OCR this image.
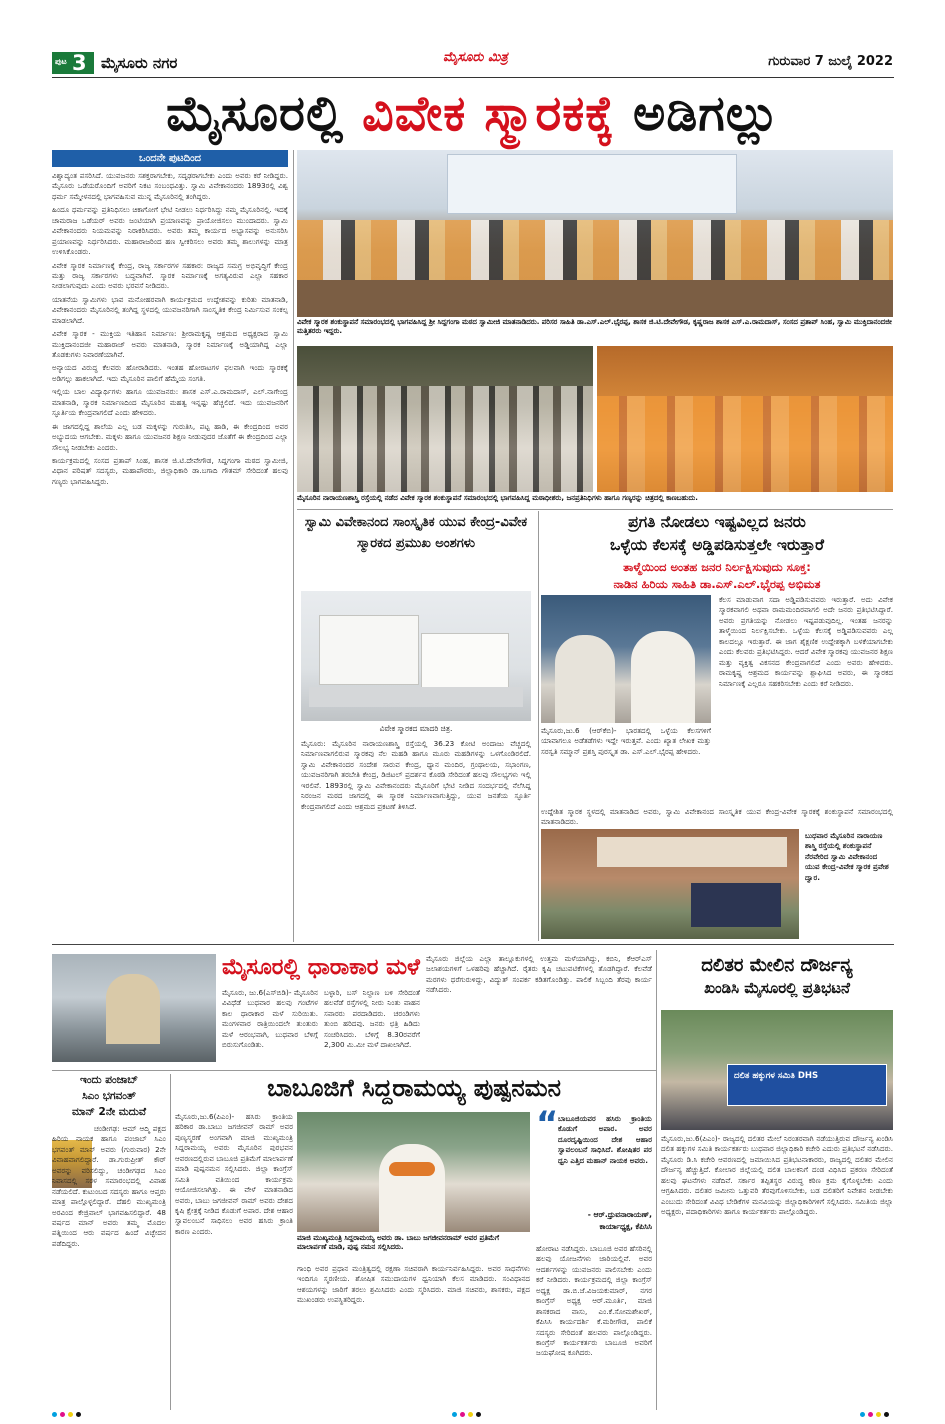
ಪುಟ 3 ಮೈಸೂರು ನಗರ	ಮೈಸೂರು ಮಿತ್ರ	ಗುರುವಾರ 7 ಜುಲೈ 2022
ಮೈಸೂರಲ್ಲಿ ವಿವೇಕ ಸ್ಮಾರಕಕ್ಕೆ ಅಡಿಗಲ್ಲು
ಒಂದನೇ ಪುಟದಿಂದ

ವಿಶ್ವಾದ್ಯಂತ ಪಸರಿಸಿದೆ. ಯುವಜನರು ಸಶಕ್ತರಾಗಬೇಕು, ಸದೃಢರಾಗಬೇಕು ಎಂದು ಅವರು ಕರೆ ನೀಡಿದ್ದರು. ಮೈಸೂರು ಒಡೆಯರೊಂದಿಗೆ ಅವರಿಗೆ ನಿಕಟ ಸಂಬಂಧವಿತ್ತು. ಸ್ವಾಮಿ ವಿವೇಕಾನಂದರು 1893ರಲ್ಲಿ ವಿಶ್ವ ಧರ್ಮ ಸಮ್ಮೇಳನದಲ್ಲಿ ಭಾಗವಹಿಸುವ ಮುನ್ನ ಮೈಸೂರಿನಲ್ಲಿ ತಂಗಿದ್ದರು.

ಹಿಂದೂ ಧರ್ಮವನ್ನು ಪ್ರತಿನಿಧಿಸಲು ಚಿಕಾಗೋಗೆ ಭೇಟಿ ನೀಡಲು ನಿರ್ಧರಿಸಿದ್ದು ನಮ್ಮ ಮೈಸೂರಿನಲ್ಲಿ. ಇದಕ್ಕೆ ಚಾಮರಾಜ ಒಡೆಯರ್ ಅವರು ಜಂಟಿಯಾಗಿ ಪ್ರಯಾಣವನ್ನು ಪ್ರಾಯೋಜಿಸಲು ಮುಂದಾದರು. ಸ್ವಾಮಿ ವಿವೇಕಾನಂದರು ನಿಯಮವನ್ನು ನಿರಾಕರಿಸಿದರು. ಅವರು ತಮ್ಮ ಕಾರ್ಯದ ಅಭ್ಯಾಸವನ್ನು ಅನುಸರಿಸಿ ಪ್ರಯಾಣವನ್ನು ನಿರ್ಧರಿಸಿದರು. ಮಹಾರಾಜರಿಂದ ಹಣ ಸ್ವೀಕರಿಸಲು ಅವರು ತಮ್ಮ ಶಾಲುಗಳನ್ನು ಮಾತ್ರ ಉಳಿಸಿಕೊಂಡರು.

ವಿವೇಕ ಸ್ಮಾರಕ ನಿರ್ಮಾಣಕ್ಕೆ ಕೇಂದ್ರ, ರಾಜ್ಯ ಸರ್ಕಾರಗಳ ಸಹಕಾರ: ರಾಜ್ಯದ ಸಮಗ್ರ ಅಭಿವೃದ್ಧಿಗೆ ಕೇಂದ್ರ ಮತ್ತು ರಾಜ್ಯ ಸರ್ಕಾರಗಳು ಬದ್ಧವಾಗಿವೆ. ಸ್ಮಾರಕ ನಿರ್ಮಾಣಕ್ಕೆ ಅಗತ್ಯವಿರುವ ಎಲ್ಲಾ ಸಹಕಾರ ನೀಡಲಾಗುವುದು ಎಂದು ಅವರು ಭರವಸೆ ನೀಡಿದರು.

ಯಾತನೆಯ ಸ್ವಾಮಿಗಳು ಭಾವ ಮನೋಹರವಾಗಿ ಕಾರ್ಯಕ್ರಮದ ಉದ್ದೇಶವನ್ನು ಕುರಿತು ಮಾತನಾಡಿ, ವಿವೇಕಾನಂದರು ಮೈಸೂರಿನಲ್ಲಿ ತಂಗಿದ್ದ ಸ್ಥಳದಲ್ಲಿ ಯುವಜನರಿಗಾಗಿ ಸಾಂಸ್ಕೃತಿಕ ಕೇಂದ್ರ ನಿರ್ಮಿಸುವ ಸಂಕಲ್ಪ ಮಾಡಲಾಗಿದೆ.

ವಿವೇಕ ಸ್ಮಾರಕ - ಮುಕ್ತಿಯ ಇತಿಹಾಸ ನಿರ್ಮಾಣ: ಶ್ರೀರಾಮಕೃಷ್ಣ ಆಶ್ರಮದ ಅಧ್ಯಕ್ಷರಾದ ಸ್ವಾಮಿ ಮುಕ್ತಿದಾನಂದಜೀ ಮಹಾರಾಜ್ ಅವರು ಮಾತನಾಡಿ, ಸ್ಮಾರಕ ನಿರ್ಮಾಣಕ್ಕೆ ಅಡ್ಡಿಯಾಗಿದ್ದ ಎಲ್ಲಾ ತೊಡಕುಗಳು ನಿವಾರಣೆಯಾಗಿವೆ.

ಅನ್ಯಾಯದ ವಿರುದ್ಧ ಕೆಲವರು ಹೋರಾಡಿದರು. ಇಂತಹ ಹೋರಾಟಗಳ ಫಲವಾಗಿ ಇಂದು ಸ್ಮಾರಕಕ್ಕೆ ಅಡಿಗಲ್ಲು ಹಾಕಲಾಗಿದೆ. ಇದು ಮೈಸೂರಿನ ಪಾಲಿಗೆ ಹೆಮ್ಮೆಯ ಸಂಗತಿ.

ಇಲ್ಲಿಯ ಬಾಲ ವಿದ್ಯಾರ್ಥಿಗಳು ಹಾಗೂ ಯುವಜನರು: ಶಾಸಕ ಎಸ್.ಎ.ರಾಮದಾಸ್, ಎಲ್.ನಾಗೇಂದ್ರ ಮಾತನಾಡಿ, ಸ್ಮಾರಕ ನಿರ್ಮಾಣದಿಂದ ಮೈಸೂರಿನ ಮಹತ್ವ ಇನ್ನಷ್ಟು ಹೆಚ್ಚಲಿದೆ. ಇದು ಯುವಜನರಿಗೆ ಸ್ಫೂರ್ತಿಯ ಕೇಂದ್ರವಾಗಲಿದೆ ಎಂದು ಹೇಳಿದರು.

ಈ ಜಾಗದಲ್ಲಿದ್ದ ಶಾಲೆಯ ಎಲ್ಲ ಬಡ ಮಕ್ಕಳನ್ನು ಗುರುತಿಸಿ, ಪಟ್ಟ ಹಾಡಿ, ಈ ಕೇಂದ್ರದಿಂದ ಅವರ ಅಭ್ಯುದಯ ಆಗಬೇಕು. ಮಕ್ಕಳು ಹಾಗೂ ಯುವಜನರ ಶಿಕ್ಷಣ ನೀಡುವುದರ ಜೊತೆಗೆ ಈ ಕೇಂದ್ರದಿಂದ ಎಲ್ಲಾ ಸೌಲಭ್ಯ ನೀಡಬೇಕು ಎಂದರು.

ಕಾರ್ಯಕ್ರಮದಲ್ಲಿ ಸಂಸದ ಪ್ರತಾಪ್ ಸಿಂಹ, ಶಾಸಕ ಜಿ.ಟಿ.ದೇವೇಗೌಡ, ಸಿದ್ದಗಂಗಾ ಮಠದ ಸ್ವಾಮೀಜಿ, ವಿಧಾನ ಪರಿಷತ್ ಸದಸ್ಯರು, ಮಹಾಪೌರರು, ಜಿಲ್ಲಾಧಿಕಾರಿ ಡಾ.ಬಗಾದಿ ಗೌತಮ್ ಸೇರಿದಂತೆ ಹಲವು ಗಣ್ಯರು ಭಾಗವಹಿಸಿದ್ದರು.

ವಿವೇಕ ಸ್ಮಾರಕ ಶಂಕುಸ್ಥಾಪನೆ ಸಮಾರಂಭದಲ್ಲಿ ಭಾಗವಹಿಸಿದ್ದ ಶ್ರೀ ಸಿದ್ದಗಂಗಾ ಮಠದ ಸ್ವಾಮೀಜಿ ಮಾತನಾಡಿದರು. ಪರಿಸರ ಸಾಹಿತಿ ಡಾ.ಎಸ್.ಎಲ್.ಭೈರಪ್ಪ, ಶಾಸಕ ಜಿ.ಟಿ.ದೇವೇಗೌಡ, ಕೃಷ್ಣರಾಜ ಶಾಸಕ ಎಸ್.ಎ.ರಾಮದಾಸ್, ಸಂಸದ ಪ್ರತಾಪ್ ಸಿಂಹ, ಸ್ವಾಮಿ ಮುಕ್ತಿದಾನಂದಜೀ ಮತ್ತಿತರರು ಇದ್ದರು.
ಮೈಸೂರಿನ ನಾರಾಯಣಶಾಸ್ತ್ರಿ ರಸ್ತೆಯಲ್ಲಿ ನಡೆದ ವಿವೇಕ ಸ್ಮಾರಕ ಶಂಕುಸ್ಥಾಪನೆ ಸಮಾರಂಭದಲ್ಲಿ ಭಾಗವಹಿಸಿದ್ದ ಮಠಾಧೀಶರು, ಜನಪ್ರತಿನಿಧಿಗಳು ಹಾಗೂ ಗಣ್ಯರನ್ನು ಚಿತ್ರದಲ್ಲಿ ಕಾಣಬಹುದು.
ಸ್ವಾಮಿ ವಿವೇಕಾನಂದ ಸಾಂಸ್ಕೃತಿಕ ಯುವ ಕೇಂದ್ರ-ವಿವೇಕ ಸ್ಮಾರಕದ ಪ್ರಮುಖ ಅಂಶಗಳು
ವಿವೇಕ ಸ್ಮಾರಕದ ಮಾದರಿ ಚಿತ್ರ.
ಮೈಸೂರು: ಮೈಸೂರಿನ ನಾರಾಯಣಶಾಸ್ತ್ರಿ ರಸ್ತೆಯಲ್ಲಿ 36.23 ಕೋಟಿ ಅಂದಾಜು ವೆಚ್ಚದಲ್ಲಿ ನಿರ್ಮಾಣವಾಗಲಿರುವ ಸ್ಮಾರಕವು ನೆಲ ಮಹಡಿ ಹಾಗೂ ಮೂರು ಮಹಡಿಗಳನ್ನು ಒಳಗೊಂಡಿರಲಿದೆ. ಸ್ವಾಮಿ ವಿವೇಕಾನಂದರ ಸಂದೇಶ ಸಾರುವ ಕೇಂದ್ರ, ಧ್ಯಾನ ಮಂದಿರ, ಗ್ರಂಥಾಲಯ, ಸಭಾಂಗಣ, ಯುವಜನರಿಗಾಗಿ ತರಬೇತಿ ಕೇಂದ್ರ, ಡಿಜಿಟಲ್ ಪ್ರದರ್ಶನ ಕೊಠಡಿ ಸೇರಿದಂತೆ ಹಲವು ಸೌಲಭ್ಯಗಳು ಇಲ್ಲಿ ಇರಲಿವೆ. 1893ರಲ್ಲಿ ಸ್ವಾಮಿ ವಿವೇಕಾನಂದರು ಮೈಸೂರಿಗೆ ಭೇಟಿ ನೀಡಿದ ಸಂದರ್ಭದಲ್ಲಿ ನೆಲೆಸಿದ್ದ ನಿರಂಜನ ಮಠದ ಜಾಗದಲ್ಲಿ ಈ ಸ್ಮಾರಕ ನಿರ್ಮಾಣವಾಗುತ್ತಿದ್ದು, ಯುವ ಜನತೆಯ ಸ್ಫೂರ್ತಿ ಕೇಂದ್ರವಾಗಲಿದೆ ಎಂದು ಆಶ್ರಮದ ಪ್ರಕಟಣೆ ತಿಳಿಸಿದೆ.
ಪ್ರಗತಿ ನೋಡಲು ಇಷ್ಟವಿಲ್ಲದ ಜನರು
ಒಳ್ಳೆಯ ಕೆಲಸಕ್ಕೆ ಅಡ್ಡಿಪಡಿಸುತ್ತಲೇ ಇರುತ್ತಾರೆ
ತಾಳ್ಮೆಯಿಂದ ಅಂತಹ ಜನರ ನಿರ್ಲಕ್ಷಿಸುವುದು ಸೂಕ್ತ:
ನಾಡಿನ ಹಿರಿಯ ಸಾಹಿತಿ ಡಾ.ಎಸ್.ಎಲ್.ಭೈರಪ್ಪ ಅಭಿಮತ
ಮೈಸೂರು,ಜು.6 (ಆರ್‌ಕೆಬಿ)- ಭಾರತದಲ್ಲಿ ಒಳ್ಳೆಯ ಕೆಲಸಗಳಿಗೆ ಯಾವಾಗಲೂ ಅಡೆತಡೆಗಳು ಇದ್ದೇ ಇರುತ್ತವೆ. ಎಂದು ಖ್ಯಾತ ಲೇಖಕ ಮತ್ತು ಸರಸ್ವತಿ ಸಮ್ಮಾನ್ ಪ್ರಶಸ್ತಿ ಪುರಸ್ಕೃತ ಡಾ. ಎಸ್.ಎಲ್.ಭೈರಪ್ಪ ಹೇಳಿದರು.
ಕೆಲಸ ಮಾಡುವಾಗ ಸದಾ ಅಡ್ಡಿಪಡಿಸುವವರು ಇರುತ್ತಾರೆ. ಅದು ವಿವೇಕ ಸ್ಮಾರಕವಾಗಲಿ ಅಥವಾ ರಾಮಮಂದಿರವಾಗಲಿ ಅದೇ ಜನರು ಪ್ರತಿಭಟಿಸಿದ್ದಾರೆ. ಅವರು ಪ್ರಗತಿಯನ್ನು ನೋಡಲು ಇಷ್ಟಪಡುವುದಿಲ್ಲ. ಇಂತಹ ಜನರನ್ನು ತಾಳ್ಮೆಯಿಂದ ನಿರ್ಲಕ್ಷಿಸಬೇಕು. ಒಳ್ಳೆಯ ಕೆಲಸಕ್ಕೆ ಅಡ್ಡಿಪಡಿಸುವವರು ಎಲ್ಲ ಕಾಲದಲ್ಲೂ ಇರುತ್ತಾರೆ. ಈ ಜಾಗ ಶೈಕ್ಷಣಿಕ ಉದ್ದೇಶಕ್ಕಾಗಿ ಬಳಕೆಯಾಗಬೇಕು ಎಂದು ಕೆಲವರು ಪ್ರತಿಭಟಿಸಿದ್ದರು. ಆದರೆ ವಿವೇಕ ಸ್ಮಾರಕವು ಯುವಜನರ ಶಿಕ್ಷಣ ಮತ್ತು ವ್ಯಕ್ತಿತ್ವ ವಿಕಸನದ ಕೇಂದ್ರವಾಗಲಿದೆ ಎಂದು ಅವರು ಹೇಳಿದರು. ರಾಮಕೃಷ್ಣ ಆಶ್ರಮದ ಕಾರ್ಯವನ್ನು ಶ್ಲಾಘಿಸಿದ ಅವರು, ಈ ಸ್ಮಾರಕದ ನಿರ್ಮಾಣಕ್ಕೆ ಎಲ್ಲರೂ ಸಹಕರಿಸಬೇಕು ಎಂದು ಕರೆ ನೀಡಿದರು.
ಉದ್ದೇಶಿತ ಸ್ಮಾರಕ ಸ್ಥಳದಲ್ಲಿ ಮಾತನಾಡಿದ ಅವರು, ಸ್ವಾಮಿ ವಿವೇಕಾನಂದ ಸಾಂಸ್ಕೃತಿಕ ಯುವ ಕೇಂದ್ರ-ವಿವೇಕ ಸ್ಮಾರಕಕ್ಕೆ ಶಂಕುಸ್ಥಾಪನೆ ಸಮಾರಂಭದಲ್ಲಿ ಮಾತನಾಡಿದರು.
ಬುಧವಾರ ಮೈಸೂರಿನ ನಾರಾಯಣ ಶಾಸ್ತ್ರಿ ರಸ್ತೆಯಲ್ಲಿ ಶಂಕುಸ್ಥಾಪನೆ ನೆರವೇರಿದ ಸ್ವಾಮಿ ವಿವೇಕಾನಂದ ಯುವ ಕೇಂದ್ರ-ವಿವೇಕ ಸ್ಮಾರಕ ಪ್ರವೇಶ ದ್ವಾರ.
ಮೈಸೂರಲ್ಲಿ ಧಾರಾಕಾರ ಮಳೆ
ಮೈಸೂರು, ಜು.6(ಎಸ್‌ಬಿಡಿ)- ಮೈಸೂರಿನ ವಿವಿಧೆಡೆ ಬುಧವಾರ ಹಲವು ಗಂಟೆಗಳ ಕಾಲ ಧಾರಾಕಾರ ಮಳೆ ಸುರಿಯಿತು. ಮಂಗಳವಾರ ರಾತ್ರಿಯಿಂದಲೇ ತುಂತುರು ಮಳೆ ಆರಂಭವಾಗಿ, ಬುಧವಾರ ಬೆಳಿಗ್ಗೆ ಬಿರುಸುಗೊಂಡಿತು.
ಬಳ್ಳಾರಿ, ಬಸ್ ನಿಲ್ದಾಣ ಬಳಿ ಸೇರಿದಂತೆ ಹಲವೆಡೆ ರಸ್ತೆಗಳಲ್ಲಿ ನೀರು ನಿಂತು ವಾಹನ ಸವಾರರು ಪರದಾಡಿದರು. ಚರಂಡಿಗಳು ತುಂಬಿ ಹರಿದವು. ಜನರು ಛತ್ರಿ ಹಿಡಿದು ಸಂಚರಿಸಿದರು. ಬೆಳಿಗ್ಗೆ 8.30ರವರೆಗೆ 2,300 ಮಿ.ಮೀ ಮಳೆ ದಾಖಲಾಗಿದೆ.
ಮೈಸೂರು ಜಿಲ್ಲೆಯ ಎಲ್ಲಾ ತಾಲ್ಲೂಕುಗಳಲ್ಲಿ ಉತ್ತಮ ಮಳೆಯಾಗಿದ್ದು, ಕಬಿನಿ, ಕೆಆರ್‌ಎಸ್ ಜಲಾಶಯಗಳಿಗೆ ಒಳಹರಿವು ಹೆಚ್ಚಾಗಿದೆ. ರೈತರು ಕೃಷಿ ಚಟುವಟಿಕೆಗಳಲ್ಲಿ ತೊಡಗಿದ್ದಾರೆ. ಕೆಲವೆಡೆ ಮರಗಳು ಧರೆಗುರುಳಿದ್ದು, ವಿದ್ಯುತ್ ಸಂಪರ್ಕ ಕಡಿತಗೊಂಡಿತ್ತು. ಪಾಲಿಕೆ ಸಿಬ್ಬಂದಿ ತೆರವು ಕಾರ್ಯ ನಡೆಸಿದರು.
ದಲಿತರ ಮೇಲಿನ ದೌರ್ಜನ್ಯ
ಖಂಡಿಸಿ ಮೈಸೂರಲ್ಲಿ ಪ್ರತಿಭಟನೆ
ದಲಿತ ಹಕ್ಕುಗಳ ಸಮಿತಿ DHS
ಮೈಸೂರು,ಜು.6(ಪಿಎಂ)- ರಾಜ್ಯದಲ್ಲಿ ದಲಿತರ ಮೇಲೆ ನಿರಂತರವಾಗಿ ನಡೆಯುತ್ತಿರುವ ದೌರ್ಜನ್ಯ ಖಂಡಿಸಿ ದಲಿತ ಹಕ್ಕುಗಳ ಸಮಿತಿ ಕಾರ್ಯಕರ್ತರು ಬುಧವಾರ ಜಿಲ್ಲಾಧಿಕಾರಿ ಕಚೇರಿ ಎದುರು ಪ್ರತಿಭಟನೆ ನಡೆಸಿದರು. ಮೈಸೂರು ಡಿ.ಸಿ ಕಚೇರಿ ಆವರಣದಲ್ಲಿ ಜಮಾಯಿಸಿದ ಪ್ರತಿಭಟನಾಕಾರರು, ರಾಜ್ಯದಲ್ಲಿ ದಲಿತರ ಮೇಲಿನ ದೌರ್ಜನ್ಯ ಹೆಚ್ಚುತ್ತಿದೆ. ಕೋಲಾರ ಜಿಲ್ಲೆಯಲ್ಲಿ ದಲಿತ ಬಾಲಕನಿಗೆ ದಂಡ ವಿಧಿಸಿದ ಪ್ರಕರಣ ಸೇರಿದಂತೆ ಹಲವು ಘಟನೆಗಳು ನಡೆದಿವೆ. ಸರ್ಕಾರ ತಪ್ಪಿತಸ್ಥರ ವಿರುದ್ಧ ಕಠಿಣ ಕ್ರಮ ಕೈಗೊಳ್ಳಬೇಕು ಎಂದು ಆಗ್ರಹಿಸಿದರು. ದಲಿತರ ಜಮೀನು ಒತ್ತುವರಿ ತೆರವುಗೊಳಿಸಬೇಕು, ಬಡ ದಲಿತರಿಗೆ ನಿವೇಶನ ನೀಡಬೇಕು ಎಂಬುದು ಸೇರಿದಂತೆ ವಿವಿಧ ಬೇಡಿಕೆಗಳ ಮನವಿಯನ್ನು ಜಿಲ್ಲಾಧಿಕಾರಿಗಳಿಗೆ ಸಲ್ಲಿಸಿದರು. ಸಮಿತಿಯ ಜಿಲ್ಲಾ ಅಧ್ಯಕ್ಷರು, ಪದಾಧಿಕಾರಿಗಳು ಹಾಗೂ ಕಾರ್ಯಕರ್ತರು ಪಾಲ್ಗೊಂಡಿದ್ದರು.
ಇಂದು ಪಂಜಾಬ್
ಸಿಎಂ ಭಗವಂತ್
ಮಾನ್ 2ನೇ ಮದುವೆ
ಚಂಡೀಗಢ: ಆಮ್ ಆದ್ಮಿ ಪಕ್ಷದ ಹಿರಿಯ ನಾಯಕ ಹಾಗೂ ಪಂಜಾಬ್ ಸಿಎಂ ಭಗವಂತ್ ಮಾನ್ ಅವರು (ಗುರುವಾರ) 2ನೇ ವಿವಾಹವಾಗಲಿದ್ದಾರೆ. ಡಾ.ಗುರುಪ್ರೀತ್ ಕೌರ್ ಅವರನ್ನು ವರಿಸಲಿದ್ದು, ಚಂಡೀಗಢದ ಸಿಎಂ ನಿವಾಸದಲ್ಲಿ ಸರಳ ಸಮಾರಂಭದಲ್ಲಿ ವಿವಾಹ ನಡೆಯಲಿದೆ. ಕುಟುಂಬದ ಸದಸ್ಯರು ಹಾಗೂ ಆಪ್ತರು ಮಾತ್ರ ಪಾಲ್ಗೊಳ್ಳಲಿದ್ದಾರೆ. ದೆಹಲಿ ಮುಖ್ಯಮಂತ್ರಿ ಅರವಿಂದ ಕೇಜ್ರಿವಾಲ್ ಭಾಗವಹಿಸಲಿದ್ದಾರೆ. 48 ವರ್ಷದ ಮಾನ್ ಅವರು ತಮ್ಮ ಮೊದಲ ಪತ್ನಿಯಿಂದ ಆರು ವರ್ಷದ ಹಿಂದೆ ವಿಚ್ಛೇದನ ಪಡೆದಿದ್ದರು.
ಬಾಬೂಜಿಗೆ ಸಿದ್ದರಾಮಯ್ಯ ಪುಷ್ಪನಮನ
ಮೈಸೂರು,ಜು.6(ಪಿಎಂ)- ಹಸಿರು ಕ್ರಾಂತಿಯ ಹರಿಕಾರ ಡಾ.ಬಾಬು ಜಗಜೀವನ್ ರಾಮ್ ಅವರ ಪುಣ್ಯಸ್ಮರಣೆ ಅಂಗವಾಗಿ ಮಾಜಿ ಮುಖ್ಯಮಂತ್ರಿ ಸಿದ್ದರಾಮಯ್ಯ ಅವರು ಮೈಸೂರಿನ ಪುರಭವನ ಆವರಣದಲ್ಲಿರುವ ಬಾಬೂಜಿ ಪ್ರತಿಮೆಗೆ ಮಾಲಾರ್ಪಣೆ ಮಾಡಿ ಪುಷ್ಪನಮನ ಸಲ್ಲಿಸಿದರು. ಜಿಲ್ಲಾ ಕಾಂಗ್ರೆಸ್ ಸಮಿತಿ ವತಿಯಿಂದ ಕಾರ್ಯಕ್ರಮ ಆಯೋಜಿಸಲಾಗಿತ್ತು. ಈ ವೇಳೆ ಮಾತನಾಡಿದ ಅವರು, ಬಾಬು ಜಗಜೀವನ್ ರಾಮ್ ಅವರು ದೇಶದ ಕೃಷಿ ಕ್ಷೇತ್ರಕ್ಕೆ ನೀಡಿದ ಕೊಡುಗೆ ಅಪಾರ. ದೇಶ ಆಹಾರ ಸ್ವಾವಲಂಬನೆ ಸಾಧಿಸಲು ಅವರ ಹಸಿರು ಕ್ರಾಂತಿ ಕಾರಣ ಎಂದರು.
ಮಾಜಿ ಮುಖ್ಯಮಂತ್ರಿ ಸಿದ್ದರಾಮಯ್ಯ ಅವರು ಡಾ. ಬಾಬು ಜಗಜೀವನರಾಮ್ ಅವರ ಪ್ರತಿಮೆಗೆ ಮಾಲಾರ್ಪಣೆ ಮಾಡಿ, ಪುಷ್ಪ ನಮನ ಸಲ್ಲಿಸಿದರು.
ಗಾಂಧಿ ಅವರ ಪ್ರಧಾನ ಮಂತ್ರಿತ್ವದಲ್ಲಿ ರಕ್ಷಣಾ ಸಚಿವರಾಗಿ ಕಾರ್ಯನಿರ್ವಹಿಸಿದ್ದರು. ಅವರ ಸಾಧನೆಗಳು ಇಂದಿಗೂ ಸ್ಮರಣೀಯ. ಶೋಷಿತ ಸಮುದಾಯಗಳ ಧ್ವನಿಯಾಗಿ ಕೆಲಸ ಮಾಡಿದರು. ಸಂವಿಧಾನದ ಆಶಯಗಳನ್ನು ಜಾರಿಗೆ ತರಲು ಶ್ರಮಿಸಿದರು ಎಂದು ಸ್ಮರಿಸಿದರು. ಮಾಜಿ ಸಚಿವರು, ಶಾಸಕರು, ಪಕ್ಷದ ಮುಖಂಡರು ಉಪಸ್ಥಿತರಿದ್ದರು.
“ ಬಾಬೂಜಿಯವರ ಹಸಿರು ಕ್ರಾಂತಿಯ ಕೊಡುಗೆ ಅಪಾರ. ಅವರ ದೂರದೃಷ್ಟಿಯಿಂದ ದೇಶ ಆಹಾರ ಸ್ವಾವಲಂಬನೆ ಸಾಧಿಸಿದೆ. ಶೋಷಿತರ ಪರ ಧ್ವನಿ ಎತ್ತಿದ ಮಹಾನ್ ನಾಯಕ ಅವರು.
- ಆರ್.ಧ್ರುವನಾರಾಯಣ್,
ಕಾರ್ಯಾಧ್ಯಕ್ಷ, ಕೆಪಿಸಿಸಿ
ಹೋರಾಟ ನಡೆಸಿದ್ದರು. ಬಾಬೂಜಿ ಅವರ ಹೆಸರಿನಲ್ಲಿ ಹಲವು ಯೋಜನೆಗಳು ಜಾರಿಯಲ್ಲಿವೆ. ಅವರ ಆದರ್ಶಗಳನ್ನು ಯುವಜನರು ಪಾಲಿಸಬೇಕು ಎಂದು ಕರೆ ನೀಡಿದರು. ಕಾರ್ಯಕ್ರಮದಲ್ಲಿ ಜಿಲ್ಲಾ ಕಾಂಗ್ರೆಸ್ ಅಧ್ಯಕ್ಷ ಡಾ.ಬಿ.ಜೆ.ವಿಜಯಕುಮಾರ್, ನಗರ ಕಾಂಗ್ರೆಸ್ ಅಧ್ಯಕ್ಷ ಆರ್.ಮೂರ್ತಿ, ಮಾಜಿ ಶಾಸಕರಾದ ವಾಸು, ಎಂ.ಕೆ.ಸೋಮಶೇಖರ್, ಕೆಪಿಸಿಸಿ ಕಾರ್ಯದರ್ಶಿ ಕೆ.ಮರೀಗೌಡ, ಪಾಲಿಕೆ ಸದಸ್ಯರು ಸೇರಿದಂತೆ ಹಲವರು ಪಾಲ್ಗೊಂಡಿದ್ದರು. ಕಾಂಗ್ರೆಸ್ ಕಾರ್ಯಕರ್ತರು ಬಾಬೂಜಿ ಅವರಿಗೆ ಜಯಘೋಷ ಕೂಗಿದರು.
